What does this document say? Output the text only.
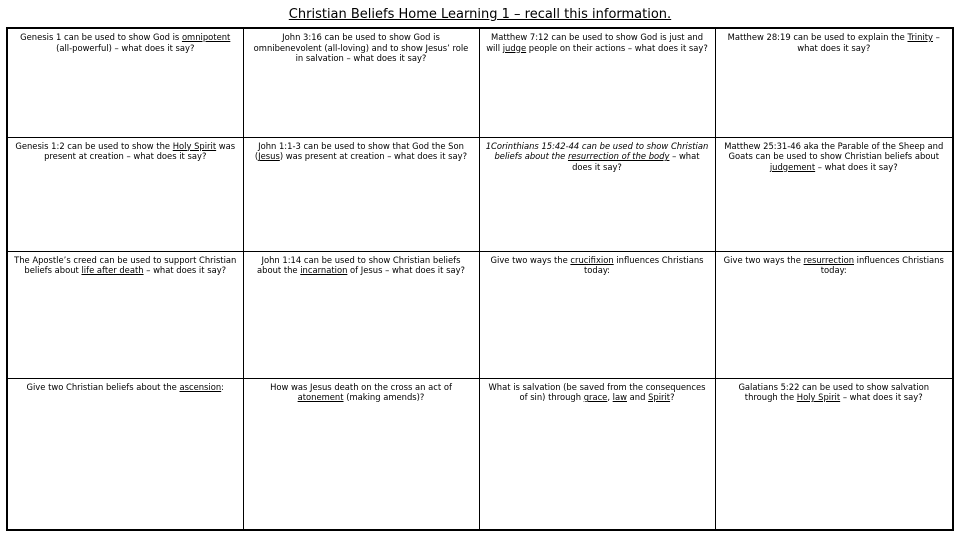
Christian Beliefs Home Learning 1 – recall this information.
Genesis 1 can be used to show God is omnipotent (all-powerful) – what does it say?	John 3:16 can be used to show God is omnibenevolent (all-loving) and to show Jesus’ role in salvation – what does it say?	Matthew 7:12 can be used to show God is just and will judge people on their actions – what does it say?	Matthew 28:19 can be used to explain the Trinity – what does it say?
Genesis 1:2 can be used to show the Holy Spirit was present at creation – what does it say?	John 1:1-3 can be used to show that God the Son (Jesus) was present at creation – what does it say?	1Corinthians 15:42-44 can be used to show Christian beliefs about the resurrection of the body – what does it say?	Matthew 25:31-46 aka the Parable of the Sheep and Goats can be used to show Christian beliefs about judgement – what does it say?
The Apostle’s creed can be used to support Christian beliefs about life after death – what does it say?	John 1:14 can be used to show Christian beliefs about the incarnation of Jesus – what does it say?	Give two ways the crucifixion influences Christians today:	Give two ways the resurrection influences Christians today:
Give two Christian beliefs about the ascension:	How was Jesus death on the cross an act of atonement (making amends)?	What is salvation (be saved from the consequences of sin) through grace, law and Spirit?	Galatians 5:22 can be used to show salvation through the Holy Spirit – what does it say?
